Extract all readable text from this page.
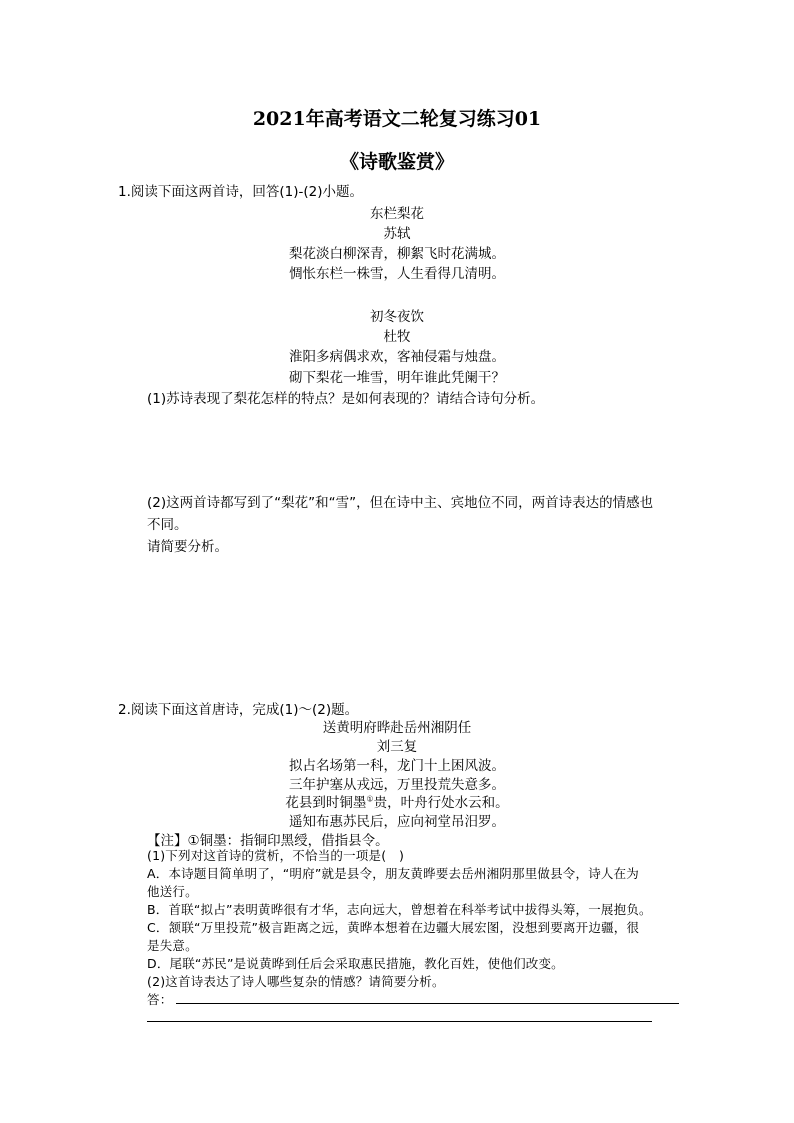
2021年高考语文二轮复习练习01
《诗歌鉴赏》
1.阅读下面这两首诗，回答(1)-(2)小题。
东栏梨花
苏轼
梨花淡白柳深青，柳絮飞时花满城。
惆怅东栏一株雪，人生看得几清明。
初冬夜饮
杜牧
淮阳多病偶求欢，客袖侵霜与烛盘。
砌下梨花一堆雪，明年谁此凭阑干？
(1)苏诗表现了梨花怎样的特点？是如何表现的？请结合诗句分析。
(2)这两首诗都写到了“梨花”和“雪”，但在诗中主、宾地位不同，两首诗表达的情感也
不同。
请简要分析。
2.阅读下面这首唐诗，完成(1)～(2)题。
送黄明府晔赴岳州湘阴任
刘三复
拟占名场第一科，龙门十上困风波。
三年护塞从戎远，万里投荒失意多。
花县到时铜墨①贵，叶舟行处水云和。
遥知布惠苏民后，应向祠堂吊汨罗。
【注】①铜墨：指铜印黑绶，借指县令。
(1)下列对这首诗的赏析，不恰当的一项是(　)
A．本诗题目简单明了，“明府”就是县令，朋友黄晔要去岳州湘阴那里做县令，诗人在为
他送行。
B．首联“拟占”表明黄晔很有才华，志向远大，曾想着在科举考试中拔得头筹，一展抱负。
C．颔联“万里投荒”极言距离之远，黄晔本想着在边疆大展宏图，没想到要离开边疆，很
是失意。
D．尾联“苏民”是说黄晔到任后会采取惠民措施，教化百姓，使他们改变。
(2)这首诗表达了诗人哪些复杂的情感？请简要分析。
答：
